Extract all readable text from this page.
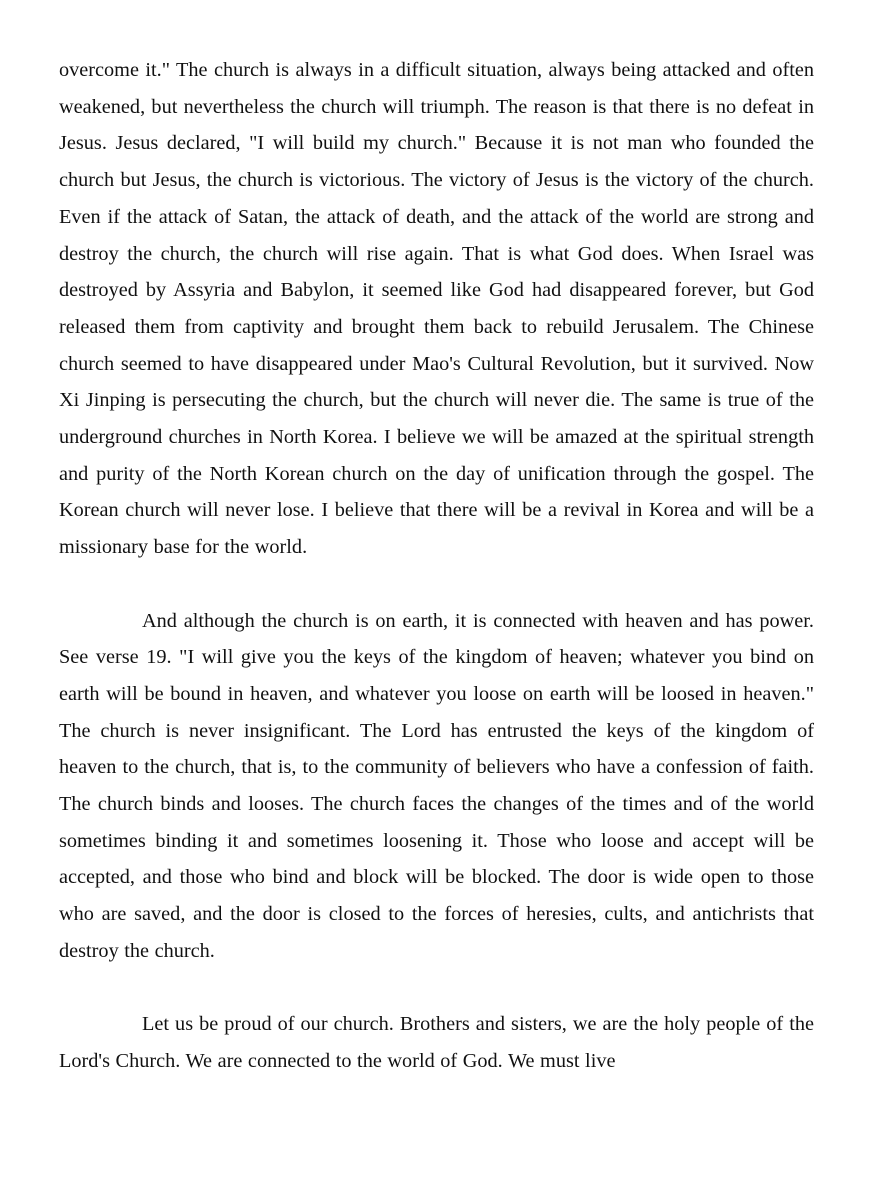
overcome it." The church is always in a difficult situation, always being attacked and often weakened, but nevertheless the church will triumph. The reason is that there is no defeat in Jesus. Jesus declared, "I will build my church." Because it is not man who founded the church but Jesus, the church is victorious. The victory of Jesus is the victory of the church. Even if the attack of Satan, the attack of death, and the attack of the world are strong and destroy the church, the church will rise again. That is what God does. When Israel was destroyed by Assyria and Babylon, it seemed like God had disappeared forever, but God released them from captivity and brought them back to rebuild Jerusalem. The Chinese church seemed to have disappeared under Mao's Cultural Revolution, but it survived. Now Xi Jinping is persecuting the church, but the church will never die. The same is true of the underground churches in North Korea. I believe we will be amazed at the spiritual strength and purity of the North Korean church on the day of unification through the gospel. The Korean church will never lose. I believe that there will be a revival in Korea and will be a missionary base for the world.

And although the church is on earth, it is connected with heaven and has power. See verse 19. "I will give you the keys of the kingdom of heaven; whatever you bind on earth will be bound in heaven, and whatever you loose on earth will be loosed in heaven." The church is never insignificant. The Lord has entrusted the keys of the kingdom of heaven to the church, that is, to the community of believers who have a confession of faith. The church binds and looses. The church faces the changes of the times and of the world sometimes binding it and sometimes loosening it. Those who loose and accept will be accepted, and those who bind and block will be blocked. The door is wide open to those who are saved, and the door is closed to the forces of heresies, cults, and antichrists that destroy the church.

Let us be proud of our church. Brothers and sisters, we are the holy people of the Lord's Church. We are connected to the world of God. We must live
